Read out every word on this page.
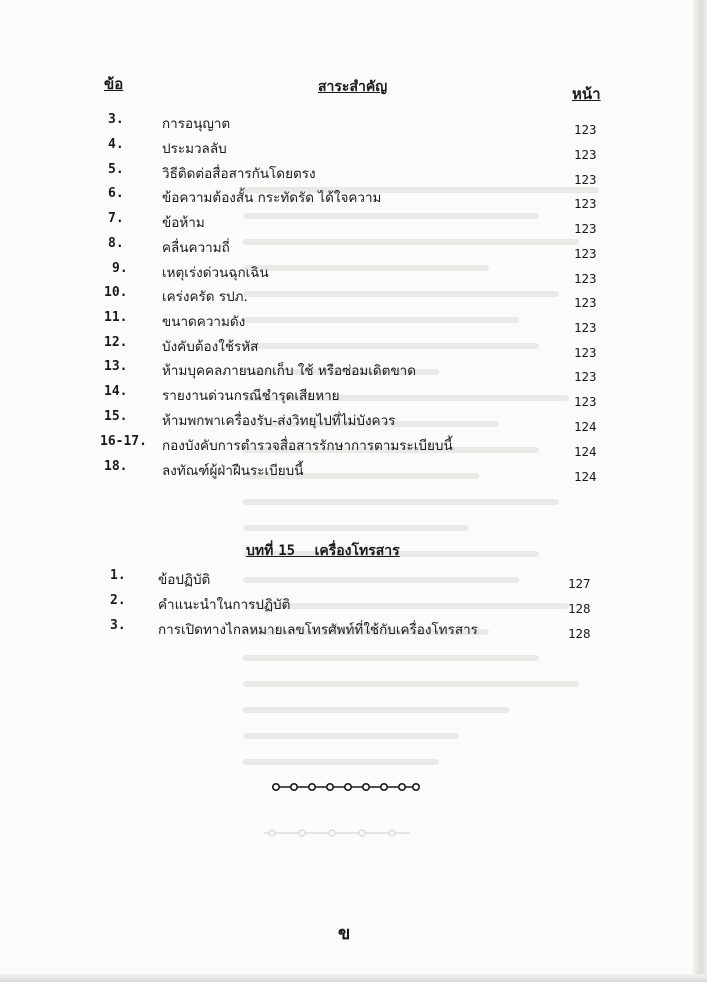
ข้อ	สาระสำคัญ	หน้า
3.	การอนุญาต	123
4.	ประมวลลับ	123
5.	วิธีติดต่อสื่อสารกันโดยตรง	123
6.	ข้อความต้องสั้น กระทัดรัด ได้ใจความ	123
7.	ข้อห้าม	123
8.	คลื่นความถี่	123
9.	เหตุเร่งด่วนฉุกเฉิน	123
10.	เคร่งครัด รปภ.	123
11.	ขนาดความดัง	123
12.	บังคับต้องใช้รหัส	123
13.	ห้ามบุคคลภายนอกเก็บ ใช้ หรือซ่อมเดิตขาด	123
14.	รายงานด่วนกรณีชำรุดเสียหาย	123
15.	ห้ามพกพาเครื่องรับ-ส่งวิทยุไปที่ไม่บังควร	124
16-17. กองบังคับการตำรวจสื่อสารรักษาการตามระเบียบนี้	124
18.	ลงทัณฑ์ผู้ฝ่าฝืนระเบียบนี้	124
บทที่ 15 เครื่องโทรสาร
1. ข้อปฏิบัติ	127
2. คำแนะนำในการปฏิบัติ	128
3. การเปิดทางไกลหมายเลขโทรศัพท์ที่ใช้กับเครื่องโทรสาร	128
ข
